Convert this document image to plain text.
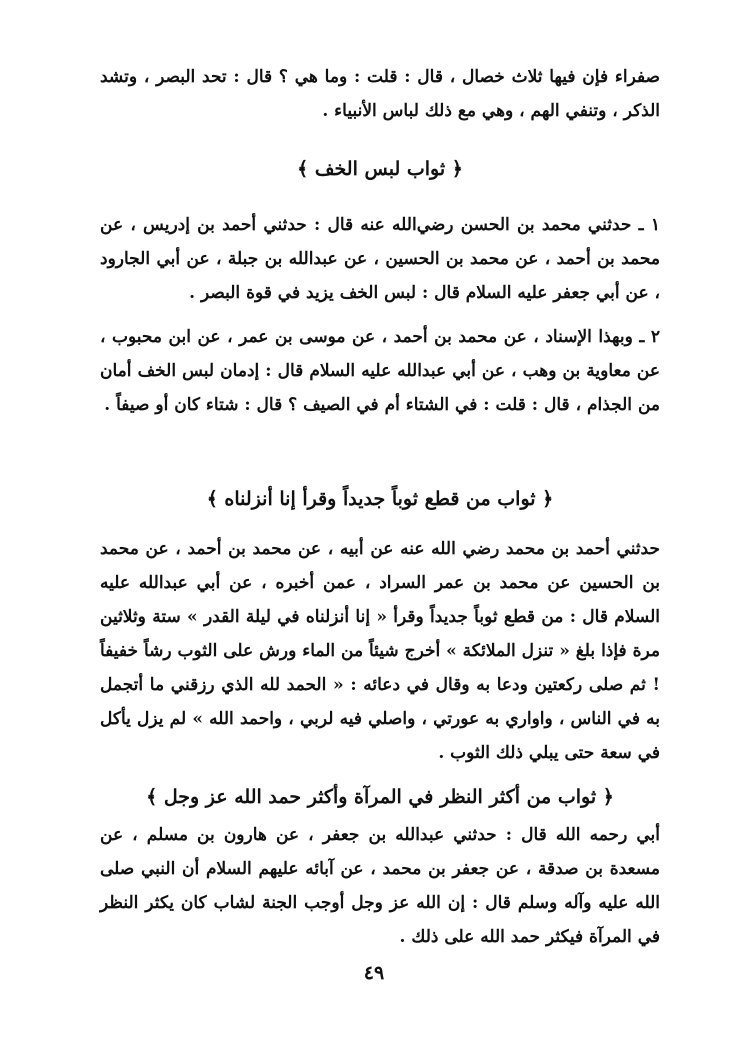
صفراء فإن فيها ثلاث خصال ، قال : قلت : وما هي ؟ قال : تحد البصر ، وتشد الذكر ، وتنفي الهم ، وهي مع ذلك لباس الأنبياء .

﴿ ثواب لبس الخف ﴾

١ ـ حدثني محمد بن الحسن رضي‌الله عنه قال : حدثني أحمد بن إدريس ، عن محمد بن أحمد ، عن محمد بن الحسين ، عن عبدالله بن جبلة ، عن أبي الجارود ، عن أبي جعفر عليه السلام قال : لبس الخف يزيد في قوة البصر .

٢ ـ وبهذا الإسناد ، عن محمد بن أحمد ، عن موسى بن عمر ، عن ابن محبوب ، عن معاوية بن وهب ، عن أبي عبدالله عليه السلام قال : إدمان لبس الخف أمان من الجذام ، قال : قلت : في الشتاء أم في الصيف ؟ قال : شتاء كان أو صيفاً .

﴿ ثواب من قطع ثوباً جديداً وقرأ إنا أنزلناه ﴾

حدثني أحمد بن محمد رضي الله عنه عن أبيه ، عن محمد بن أحمد ، عن محمد بن الحسين عن محمد بن عمر السراد ، عمن أخبره ، عن أبي عبدالله عليه السلام قال : من قطع ثوباً جديداً وقرأ « إنا أنزلناه في ليلة القدر » ستة وثلاثين مرة فإذا بلغ « تنزل الملائكة » أخرج شيئاً من الماء ورش على الثوب رشاً خفيفاً ! ثم صلى ركعتين ودعا به وقال في دعائه : « الحمد لله الذي رزقني ما أتجمل به في الناس ، واواري به عورتي ، واصلي فيه لربي ، واحمد الله » لم يزل يأكل في سعة حتى يبلي ذلك الثوب .

﴿ ثواب من أكثر النظر في المرآة وأكثر حمد الله عز وجل ﴾

أبي رحمه الله قال : حدثني عبدالله بن جعفر ، عن هارون بن مسلم ، عن مسعدة بن صدقة ، عن جعفر بن محمد ، عن آبائه عليهم السلام أن النبي صلى الله عليه وآله وسلم قال : إن الله عز وجل أوجب الجنة لشاب كان يكثر النظر في المرآة فيكثر حمد الله على ذلك .

٤٩
